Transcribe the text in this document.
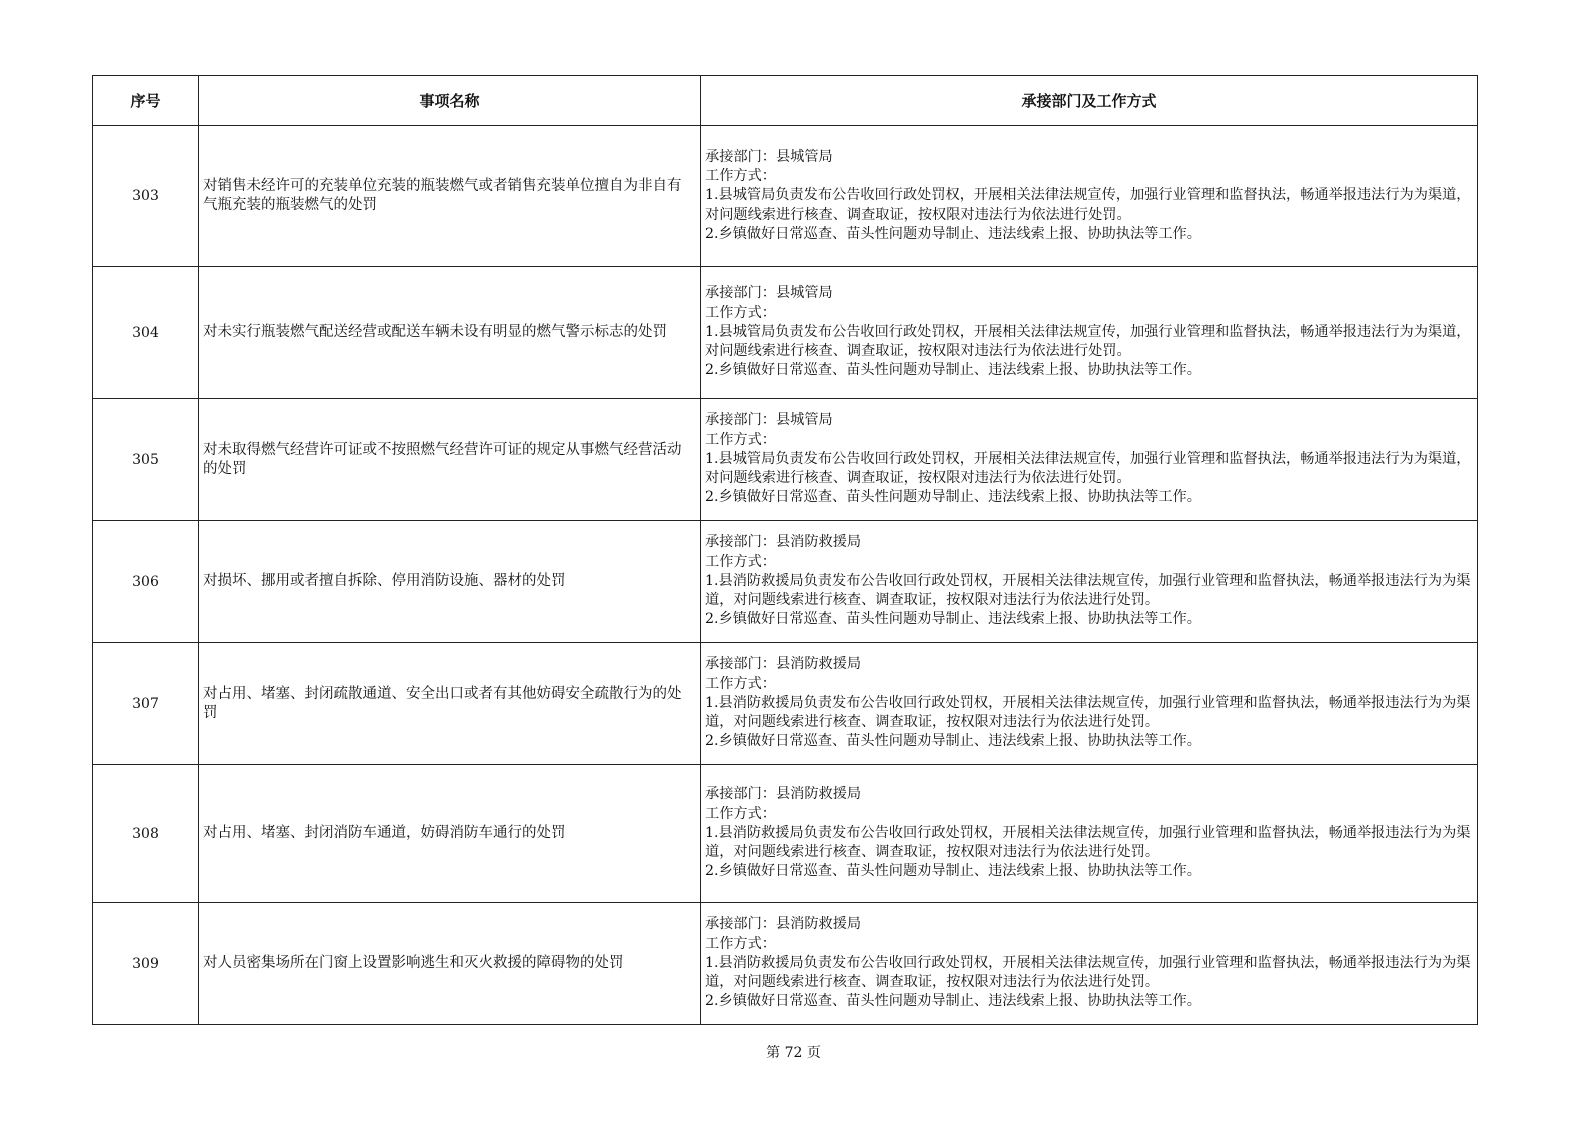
序号	事项名称	承接部门及工作方式
303	对销售未经许可的充装单位充装的瓶装燃气或者销售充装单位擅自为非自有气瓶充装的瓶装燃气的处罚	承接部门：县城管局
工作方式：
1.县城管局负责发布公告收回行政处罚权，开展相关法律法规宣传，加强行业管理和监督执法，畅通举报违法行为为渠道，对问题线索进行核查、调查取证，按权限对违法行为依法进行处罚。
2.乡镇做好日常巡查、苗头性问题劝导制止、违法线索上报、协助执法等工作。

304	对未实行瓶装燃气配送经营或配送车辆未设有明显的燃气警示标志的处罚	承接部门：县城管局
工作方式：
1.县城管局负责发布公告收回行政处罚权，开展相关法律法规宣传，加强行业管理和监督执法，畅通举报违法行为为渠道，对问题线索进行核查、调查取证，按权限对违法行为依法进行处罚。
2.乡镇做好日常巡查、苗头性问题劝导制止、违法线索上报、协助执法等工作。

305	对未取得燃气经营许可证或不按照燃气经营许可证的规定从事燃气经营活动的处罚	承接部门：县城管局
工作方式：
1.县城管局负责发布公告收回行政处罚权，开展相关法律法规宣传，加强行业管理和监督执法，畅通举报违法行为为渠道，对问题线索进行核查、调查取证，按权限对违法行为依法进行处罚。
2.乡镇做好日常巡查、苗头性问题劝导制止、违法线索上报、协助执法等工作。

306	对损坏、挪用或者擅自拆除、停用消防设施、器材的处罚	承接部门：县消防救援局
工作方式：
1.县消防救援局负责发布公告收回行政处罚权，开展相关法律法规宣传，加强行业管理和监督执法，畅通举报违法行为为渠道，对问题线索进行核查、调查取证，按权限对违法行为依法进行处罚。
2.乡镇做好日常巡查、苗头性问题劝导制止、违法线索上报、协助执法等工作。

307	对占用、堵塞、封闭疏散通道、安全出口或者有其他妨碍安全疏散行为的处罚	承接部门：县消防救援局
工作方式：
1.县消防救援局负责发布公告收回行政处罚权，开展相关法律法规宣传，加强行业管理和监督执法，畅通举报违法行为为渠道，对问题线索进行核查、调查取证，按权限对违法行为依法进行处罚。
2.乡镇做好日常巡查、苗头性问题劝导制止、违法线索上报、协助执法等工作。

308	对占用、堵塞、封闭消防车通道，妨碍消防车通行的处罚	承接部门：县消防救援局
工作方式：
1.县消防救援局负责发布公告收回行政处罚权，开展相关法律法规宣传，加强行业管理和监督执法，畅通举报违法行为为渠道，对问题线索进行核查、调查取证，按权限对违法行为依法进行处罚。
2.乡镇做好日常巡查、苗头性问题劝导制止、违法线索上报、协助执法等工作。

309	对人员密集场所在门窗上设置影响逃生和灭火救援的障碍物的处罚	承接部门：县消防救援局
工作方式：
1.县消防救援局负责发布公告收回行政处罚权，开展相关法律法规宣传，加强行业管理和监督执法，畅通举报违法行为为渠道，对问题线索进行核查、调查取证，按权限对违法行为依法进行处罚。
2.乡镇做好日常巡查、苗头性问题劝导制止、违法线索上报、协助执法等工作。
第 72 页
